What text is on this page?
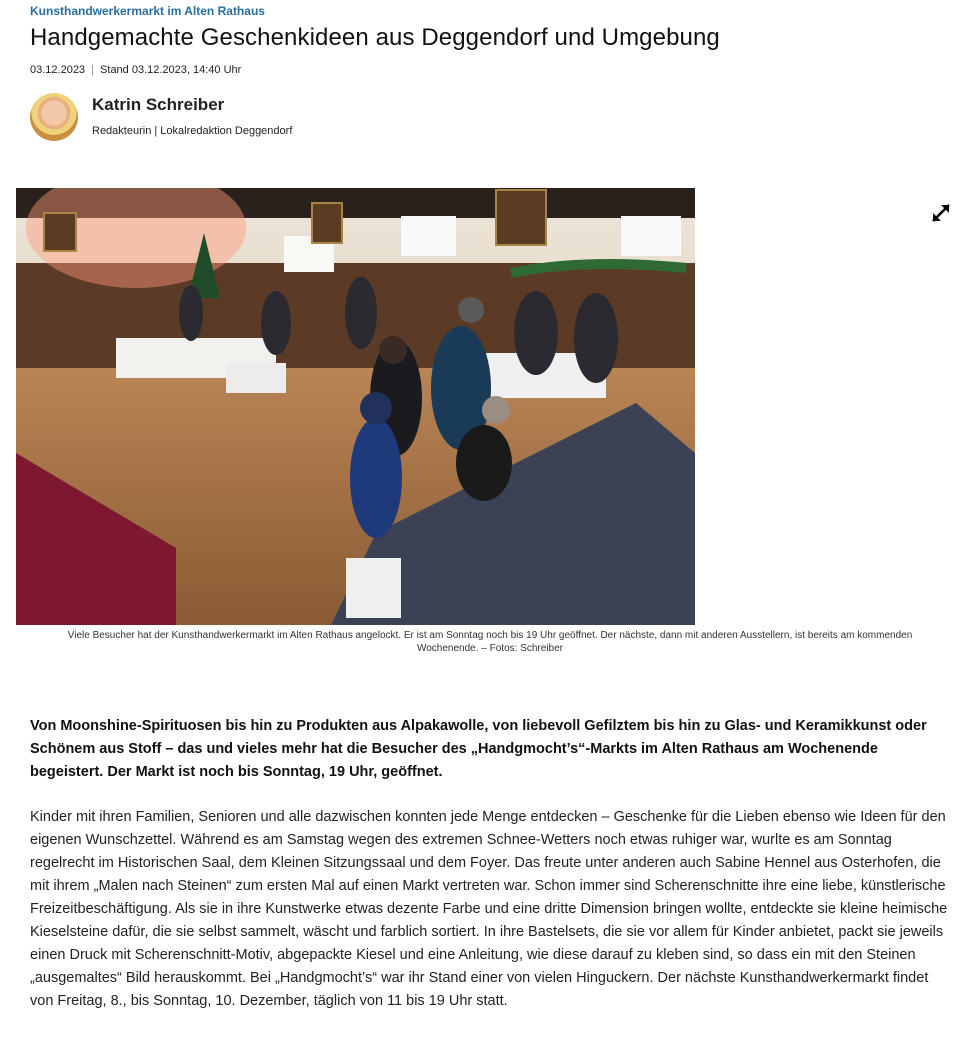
Kunsthandwerkermarkt im Alten Rathaus
Handgemachte Geschenkideen aus Deggendorf und Umgebung
03.12.2023 | Stand 03.12.2023, 14:40 Uhr
Katrin Schreiber
Redakteurin | Lokalredaktion Deggendorf
Viele Besucher hat der Kunsthandwerkermarkt im Alten Rathaus angelockt. Er ist am Sonntag noch bis 19 Uhr geöffnet. Der nächste, dann mit anderen Ausstellern, ist bereits am kommenden Wochenende. – Fotos: Schreiber

Von Moonshine-Spirituosen bis hin zu Produkten aus Alpakawolle, von liebevoll Gefilztem bis hin zu Glas- und Keramikkunst oder Schönem aus Stoff – das und vieles mehr hat die Besucher des „Handgmocht’s“-Markts im Alten Rathaus am Wochenende begeistert. Der Markt ist noch bis Sonntag, 19 Uhr, geöffnet.

Kinder mit ihren Familien, Senioren und alle dazwischen konnten jede Menge entdecken – Geschenke für die Lieben ebenso wie Ideen für den eigenen Wunschzettel. Während es am Samstag wegen des extremen Schnee-Wetters noch etwas ruhiger war, wurlte es am Sonntag regelrecht im Historischen Saal, dem Kleinen Sitzungssaal und dem Foyer. Das freute unter anderen auch Sabine Hennel aus Osterhofen, die mit ihrem „Malen nach Steinen“ zum ersten Mal auf einen Markt vertreten war. Schon immer sind Scherenschnitte ihre eine liebe, künstlerische Freizeitbeschäftigung. Als sie in ihre Kunstwerke etwas dezente Farbe und eine dritte Dimension bringen wollte, entdeckte sie kleine heimische Kieselsteine dafür, die sie selbst sammelt, wäscht und farblich sortiert. In ihre Bastelsets, die sie vor allem für Kinder anbietet, packt sie jeweils einen Druck mit Scherenschnitt-Motiv, abgepackte Kiesel und eine Anleitung, wie diese darauf zu kleben sind, so dass ein mit den Steinen „ausgemaltes“ Bild herauskommt. Bei „Handgmocht’s“ war ihr Stand einer von vielen Hinguckern. Der nächste Kunsthandwerkermarkt findet von Freitag, 8., bis Sonntag, 10. Dezember, täglich von 11 bis 19 Uhr statt.
